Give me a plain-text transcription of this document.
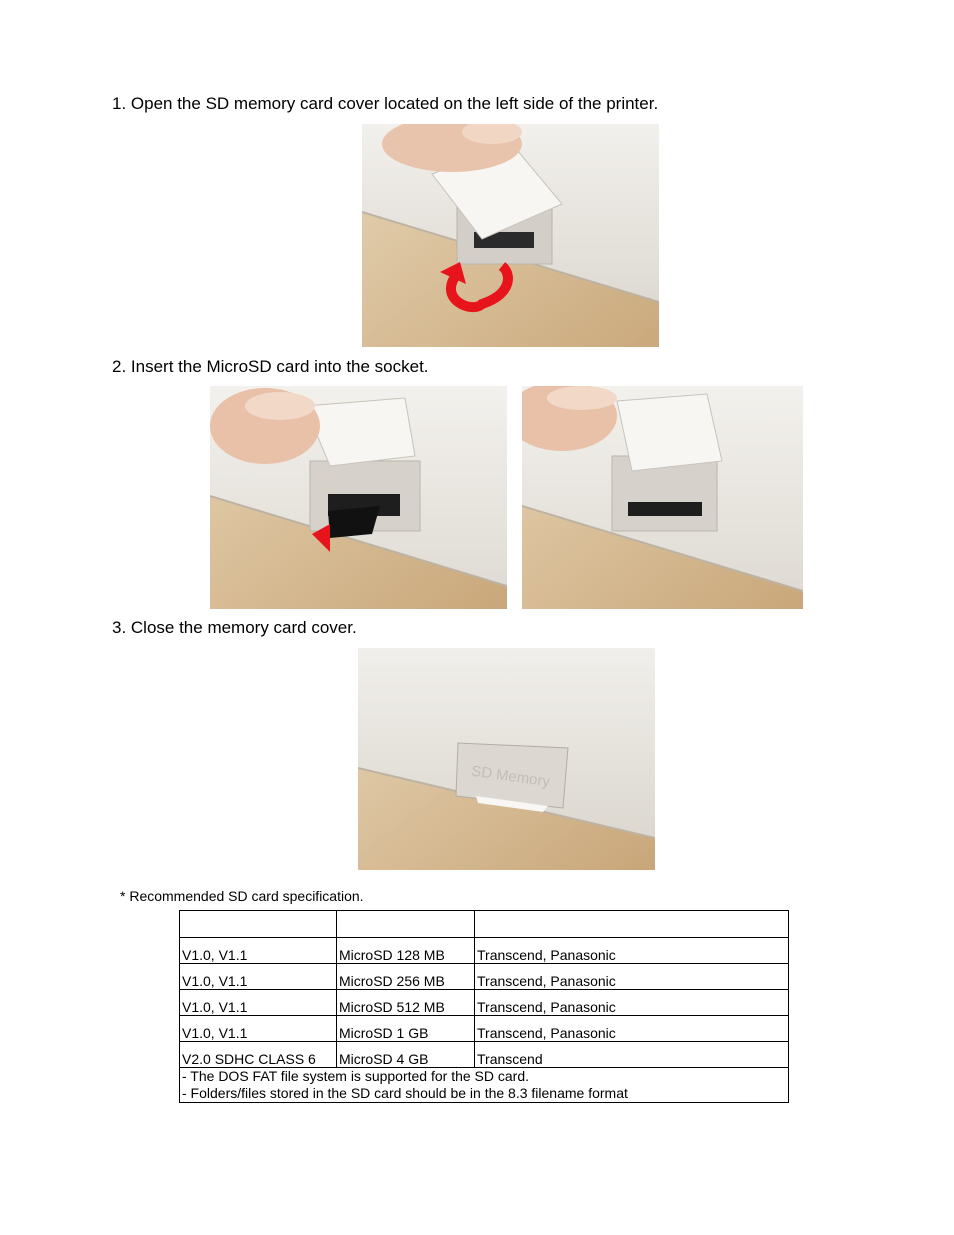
1. Open the SD memory card cover located on the left side of the printer.
2. Insert the MicroSD card into the socket.
3. Close the memory card cover.
SD Memory
* Recommended SD card specification.

V1.0, V1.1	MicroSD 128 MB	Transcend, Panasonic
V1.0, V1.1	MicroSD 256 MB	Transcend, Panasonic
V1.0, V1.1	MicroSD 512 MB	Transcend, Panasonic
V1.0, V1.1	MicroSD 1 GB	Transcend, Panasonic
V2.0 SDHC CLASS 6	MicroSD 4 GB	Transcend

- The DOS FAT file system is supported for the SD card.
- Folders/files stored in the SD card should be in the 8.3 filename format		
